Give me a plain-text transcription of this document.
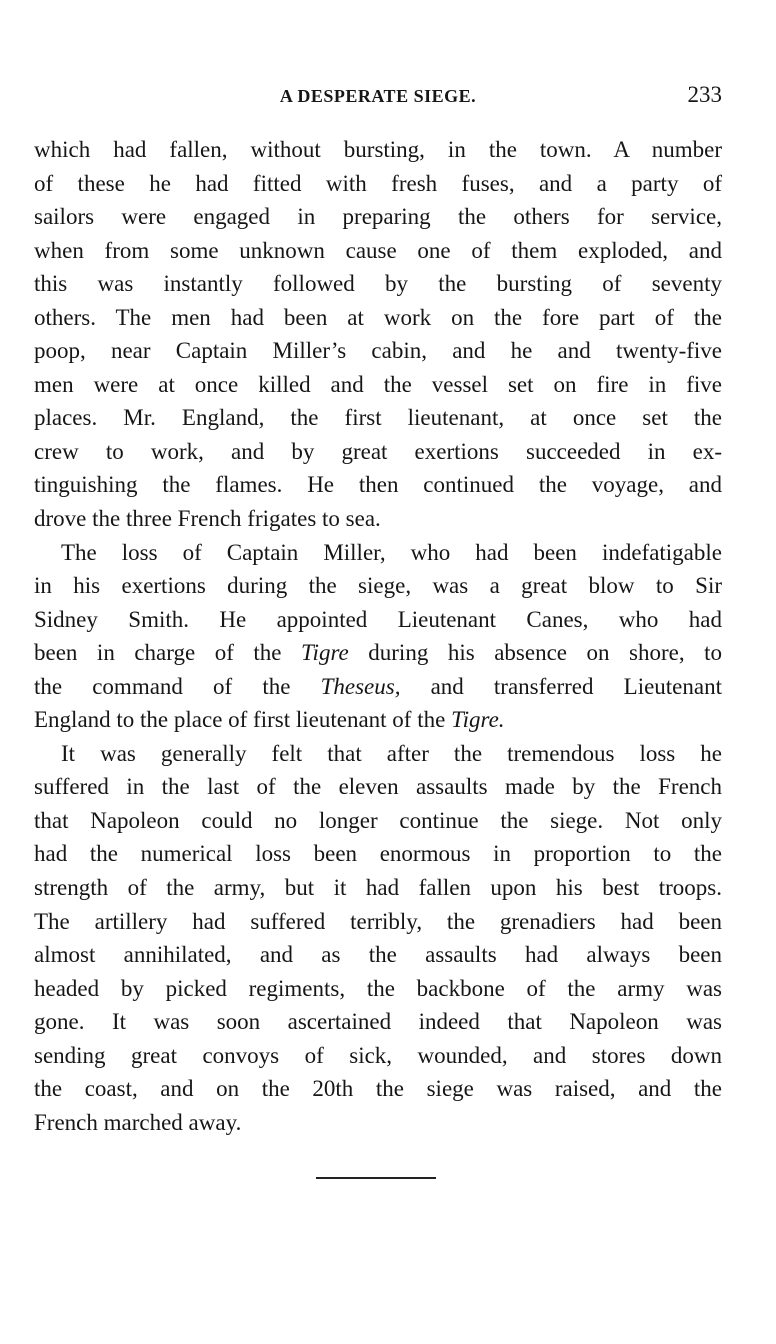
A DESPERATE SIEGE.	233
which had fallen, without bursting, in the town. A number
of these he had fitted with fresh fuses, and a party of
sailors were engaged in preparing the others for service,
when from some unknown cause one of them exploded, and
this was instantly followed by the bursting of seventy
others. The men had been at work on the fore part of the
poop, near Captain Miller’s cabin, and he and twenty-five
men were at once killed and the vessel set on fire in five
places. Mr. England, the first lieutenant, at once set the
crew to work, and by great exertions succeeded in ex-
tinguishing the flames. He then continued the voyage, and
drove the three French frigates to sea.
The loss of Captain Miller, who had been indefatigable
in his exertions during the siege, was a great blow to Sir
Sidney Smith. He appointed Lieutenant Canes, who had
been in charge of the Tigre during his absence on shore, to
the command of the Theseus, and transferred Lieutenant
England to the place of first lieutenant of the Tigre.
It was generally felt that after the tremendous loss he
suffered in the last of the eleven assaults made by the French
that Napoleon could no longer continue the siege. Not only
had the numerical loss been enormous in proportion to the
strength of the army, but it had fallen upon his best troops.
The artillery had suffered terribly, the grenadiers had been
almost annihilated, and as the assaults had always been
headed by picked regiments, the backbone of the army was
gone. It was soon ascertained indeed that Napoleon was
sending great convoys of sick, wounded, and stores down
the coast, and on the 20th the siege was raised, and the
French marched away.
